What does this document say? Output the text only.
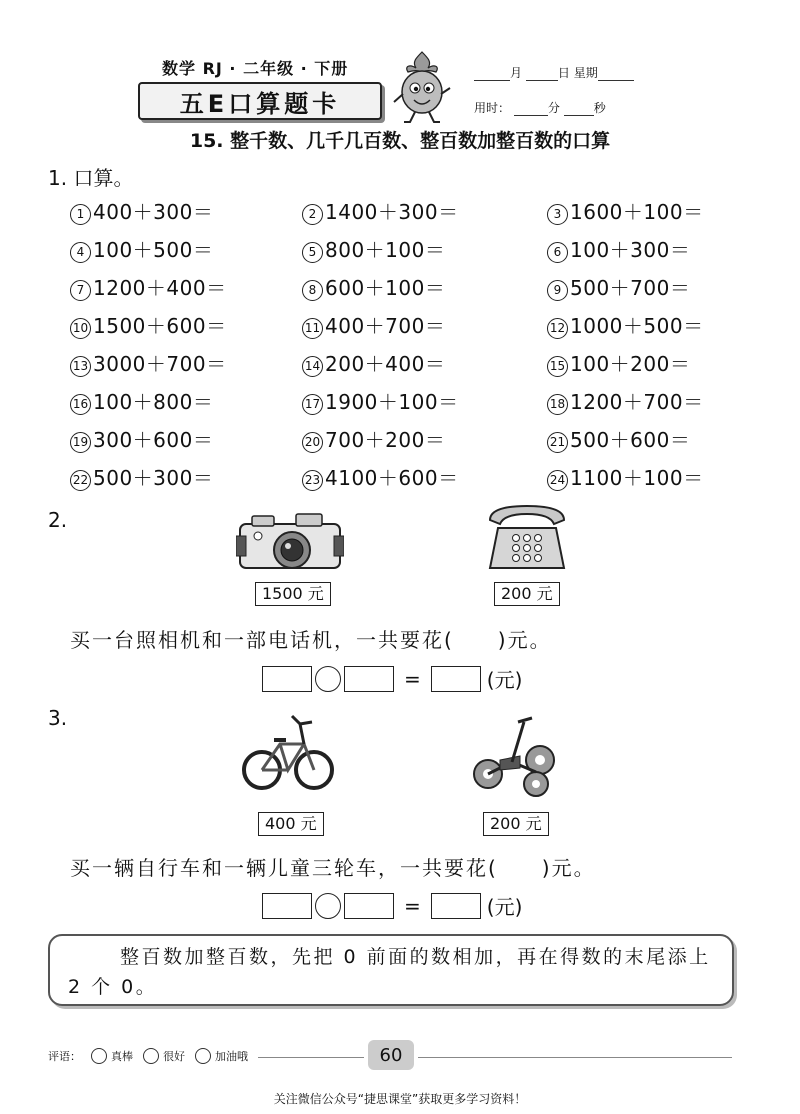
数学 RJ · 二年级 · 下册
五E口算题卡
月	日 星期
用时：	分	秒
15. 整千数、几千几百数、整百数加整百数的口算
1. 口算。
1 400＋300＝	2 1400＋300＝	3 1600＋100＝
4 100＋500＝	5 800＋100＝	6 100＋300＝
7 1200＋400＝	8 600＋100＝	9 500＋700＝
10 1500＋600＝	11 400＋700＝	12 1000＋500＝
13 3000＋700＝	14 200＋400＝	15 100＋200＝
16 100＋800＝	17 1900＋100＝	18 1200＋700＝
19 300＋600＝	20 700＋200＝	21 500＋600＝
22 500＋300＝	23 4100＋600＝	24 1100＋100＝
2.
1500 元	200 元
买一台照相机和一部电话机，一共要花(　　)元。
=	(元)
3.
400 元	200 元
买一辆自行车和一辆儿童三轮车，一共要花(　　)元。
=	(元)
整百数加整百数，先把 0 前面的数相加，再在得数的末尾添上 2 个 0。
评语：	真棒	很好	加油哦	60
关注微信公众号“捷思课堂”获取更多学习资料！
